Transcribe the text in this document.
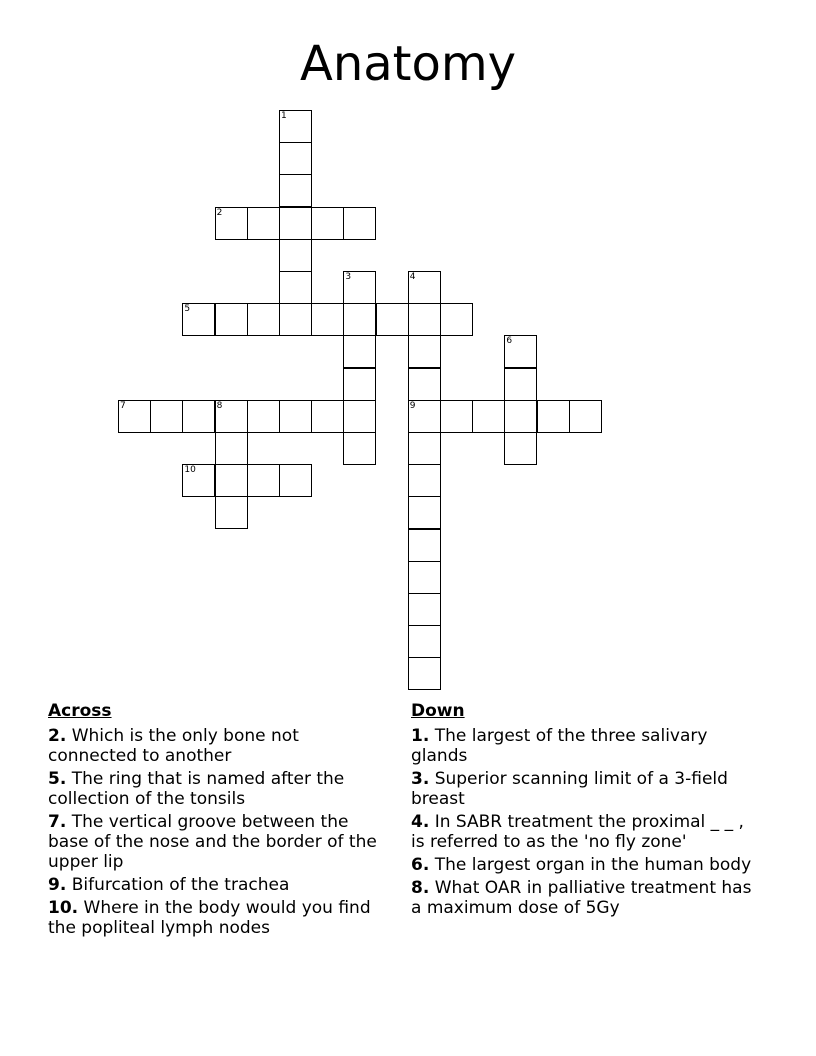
Anatomy
1
2
3	4
9
5
6
7	8
10
Across
2. Which is the only bone not connected to another
5. The ring that is named after the collection of the tonsils
7. The vertical groove between the base of the nose and the border of the upper lip
9. Bifurcation of the trachea
10. Where in the body would you find the popliteal lymph nodes
Down
1. The largest of the three salivary glands
3. Superior scanning limit of a 3-field breast
4. In SABR treatment the proximal _ _ , is referred to as the 'no fly zone'
6. The largest organ in the human body
8. What OAR in palliative treatment has a maximum dose of 5Gy
